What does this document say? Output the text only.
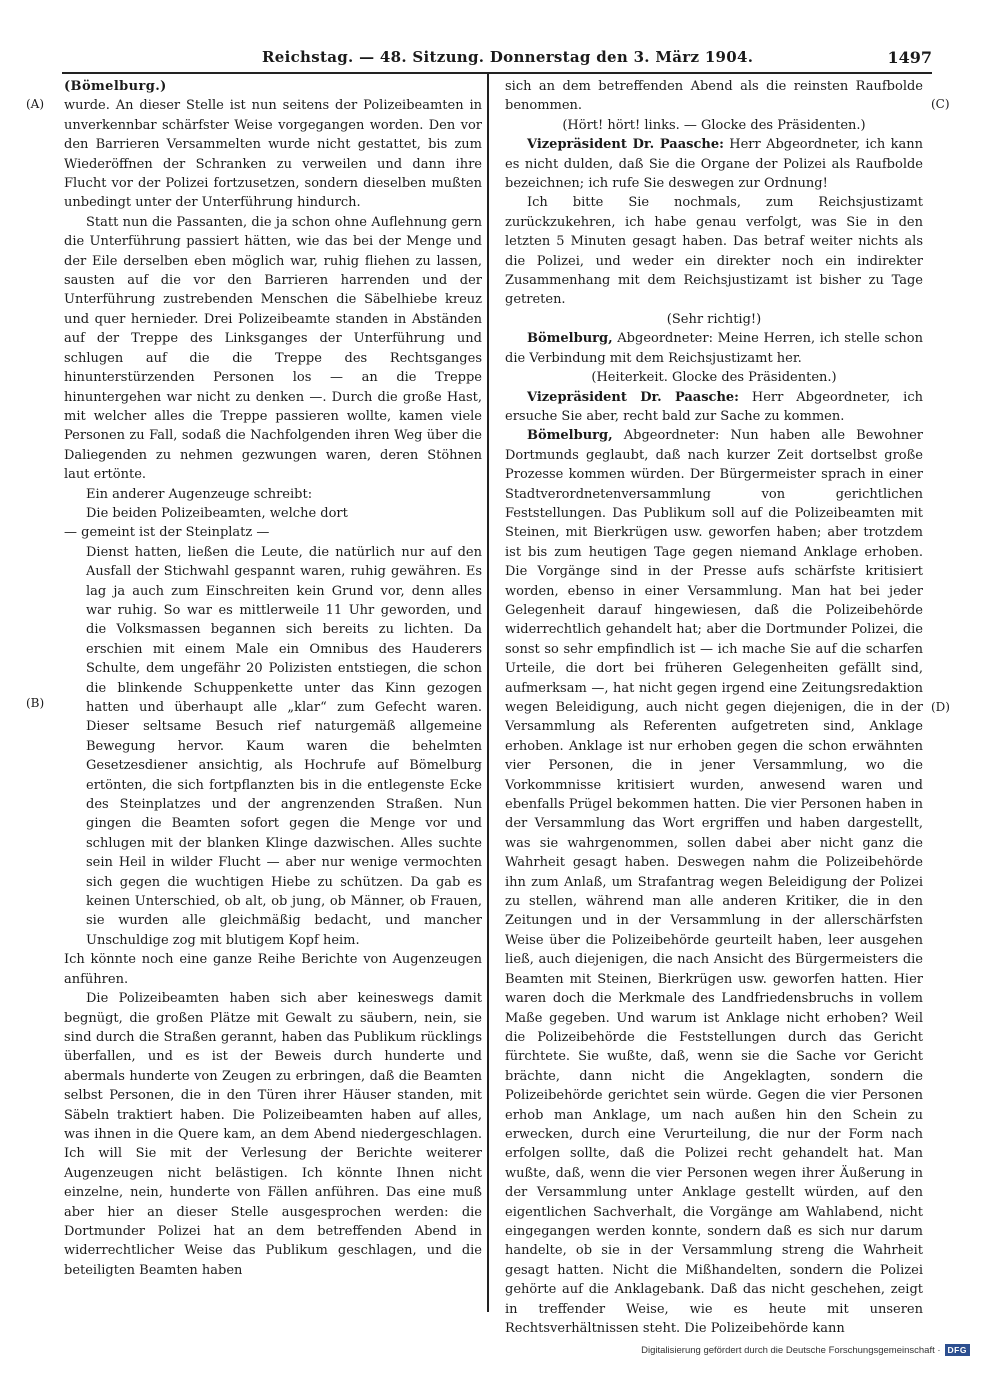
Reichstag. — 48. Sitzung. Donnerstag den 3. März 1904.	1497
(A)
(B)
(C)
(D)

(Bömelburg.)

wurde. An dieser Stelle ist nun seitens der Polizeibeamten in unverkennbar schärfster Weise vorgegangen worden. Den vor den Barrieren Versammelten wurde nicht gestattet, bis zum Wiederöffnen der Schranken zu verweilen und dann ihre Flucht vor der Polizei fortzusetzen, sondern dieselben mußten unbedingt unter der Unterführung hindurch.

Statt nun die Passanten, die ja schon ohne Auflehnung gern die Unterführung passiert hätten, wie das bei der Menge und der Eile derselben eben möglich war, ruhig fliehen zu lassen, sausten auf die vor den Barrieren harrenden und der Unterführung zustrebenden Menschen die Säbelhiebe kreuz und quer hernieder. Drei Polizeibeamte standen in Abständen auf der Treppe des Linksganges der Unterführung und schlugen auf die die Treppe des Rechtsganges hinunterstürzenden Personen los — an die Treppe hinuntergehen war nicht zu denken —. Durch die große Hast, mit welcher alles die Treppe passieren wollte, kamen viele Personen zu Fall, sodaß die Nachfolgenden ihren Weg über die Daliegenden zu nehmen gezwungen waren, deren Stöhnen laut ertönte.

Ein anderer Augenzeuge schreibt:

Die beiden Polizeibeamten, welche dort

— gemeint ist der Steinplatz —

Dienst hatten, ließen die Leute, die natürlich nur auf den Ausfall der Stichwahl gespannt waren, ruhig gewähren. Es lag ja auch zum Einschreiten kein Grund vor, denn alles war ruhig. So war es mittlerweile 11 Uhr geworden, und die Volksmassen begannen sich bereits zu lichten. Da erschien mit einem Male ein Omnibus des Hauderers Schulte, dem ungefähr 20 Polizisten entstiegen, die schon die blinkende Schuppenkette unter das Kinn gezogen hatten und überhaupt alle „klar“ zum Gefecht waren. Dieser seltsame Besuch rief naturgemäß allgemeine Bewegung hervor. Kaum waren die behelmten Gesetzesdiener ansichtig, als Hochrufe auf Bömelburg ertönten, die sich fortpflanzten bis in die entlegenste Ecke des Steinplatzes und der angrenzenden Straßen. Nun gingen die Beamten sofort gegen die Menge vor und schlugen mit der blanken Klinge dazwischen. Alles suchte sein Heil in wilder Flucht — aber nur wenige vermochten sich gegen die wuchtigen Hiebe zu schützen. Da gab es keinen Unterschied, ob alt, ob jung, ob Männer, ob Frauen, sie wurden alle gleichmäßig bedacht, und mancher Unschuldige zog mit blutigem Kopf heim.

Ich könnte noch eine ganze Reihe Berichte von Augenzeugen anführen.

Die Polizeibeamten haben sich aber keineswegs damit begnügt, die großen Plätze mit Gewalt zu säubern, nein, sie sind durch die Straßen gerannt, haben das Publikum rücklings überfallen, und es ist der Beweis durch hunderte und abermals hunderte von Zeugen zu erbringen, daß die Beamten selbst Personen, die in den Türen ihrer Häuser standen, mit Säbeln traktiert haben. Die Polizeibeamten haben auf alles, was ihnen in die Quere kam, an dem Abend niedergeschlagen. Ich will Sie mit der Verlesung der Berichte weiterer Augenzeugen nicht belästigen. Ich könnte Ihnen nicht einzelne, nein, hunderte von Fällen anführen. Das eine muß aber hier an dieser Stelle ausgesprochen werden: die Dortmunder Polizei hat an dem betreffenden Abend in widerrechtlicher Weise das Publikum geschlagen, und die beteiligten Beamten haben

sich an dem betreffenden Abend als die reinsten Raufbolde benommen.

(Hört! hört! links. — Glocke des Präsidenten.)

Vizepräsident Dr. Paasche: Herr Abgeordneter, ich kann es nicht dulden, daß Sie die Organe der Polizei als Raufbolde bezeichnen; ich rufe Sie deswegen zur Ordnung!

Ich bitte Sie nochmals, zum Reichsjustizamt zurückzukehren, ich habe genau verfolgt, was Sie in den letzten 5 Minuten gesagt haben. Das betraf weiter nichts als die Polizei, und weder ein direkter noch ein indirekter Zusammenhang mit dem Reichsjustizamt ist bisher zu Tage getreten.

(Sehr richtig!)

Bömelburg, Abgeordneter: Meine Herren, ich stelle schon die Verbindung mit dem Reichsjustizamt her.

(Heiterkeit. Glocke des Präsidenten.)

Vizepräsident Dr. Paasche: Herr Abgeordneter, ich ersuche Sie aber, recht bald zur Sache zu kommen.

Bömelburg, Abgeordneter: Nun haben alle Bewohner Dortmunds geglaubt, daß nach kurzer Zeit dortselbst große Prozesse kommen würden. Der Bürgermeister sprach in einer Stadtverordnetenversammlung von gerichtlichen Feststellungen. Das Publikum soll auf die Polizeibeamten mit Steinen, mit Bierkrügen usw. geworfen haben; aber trotzdem ist bis zum heutigen Tage gegen niemand Anklage erhoben. Die Vorgänge sind in der Presse aufs schärfste kritisiert worden, ebenso in einer Versammlung. Man hat bei jeder Gelegenheit darauf hingewiesen, daß die Polizeibehörde widerrechtlich gehandelt hat; aber die Dortmunder Polizei, die sonst so sehr empfindlich ist — ich mache Sie auf die scharfen Urteile, die dort bei früheren Gelegenheiten gefällt sind, aufmerksam —, hat nicht gegen irgend eine Zeitungsredaktion wegen Beleidigung, auch nicht gegen diejenigen, die in der Versammlung als Referenten aufgetreten sind, Anklage erhoben. Anklage ist nur erhoben gegen die schon erwähnten vier Personen, die in jener Versammlung, wo die Vorkommnisse kritisiert wurden, anwesend waren und ebenfalls Prügel bekommen hatten. Die vier Personen haben in der Versammlung das Wort ergriffen und haben dargestellt, was sie wahrgenommen, sollen dabei aber nicht ganz die Wahrheit gesagt haben. Deswegen nahm die Polizeibehörde ihn zum Anlaß, um Strafantrag wegen Beleidigung der Polizei zu stellen, während man alle anderen Kritiker, die in den Zeitungen und in der Versammlung in der allerschärfsten Weise über die Polizeibehörde geurteilt haben, leer ausgehen ließ, auch diejenigen, die nach Ansicht des Bürgermeisters die Beamten mit Steinen, Bierkrügen usw. geworfen hatten. Hier waren doch die Merkmale des Landfriedensbruchs in vollem Maße gegeben. Und warum ist Anklage nicht erhoben? Weil die Polizeibehörde die Feststellungen durch das Gericht fürchtete. Sie wußte, daß, wenn sie die Sache vor Gericht brächte, dann nicht die Angeklagten, sondern die Polizeibehörde gerichtet sein würde. Gegen die vier Personen erhob man Anklage, um nach außen hin den Schein zu erwecken, durch eine Verurteilung, die nur der Form nach erfolgen sollte, daß die Polizei recht gehandelt hat. Man wußte, daß, wenn die vier Personen wegen ihrer Äußerung in der Versammlung unter Anklage gestellt würden, auf den eigentlichen Sachverhalt, die Vorgänge am Wahlabend, nicht eingegangen werden konnte, sondern daß es sich nur darum handelte, ob sie in der Versammlung streng die Wahrheit gesagt hatten. Nicht die Mißhandelten, sondern die Polizei gehörte auf die Anklagebank. Daß das nicht geschehen, zeigt in treffender Weise, wie es heute mit unseren Rechtsverhältnissen steht. Die Polizeibehörde kann

Digitalisierung gefördert durch die Deutsche Forschungsgemeinschaft · DFG
